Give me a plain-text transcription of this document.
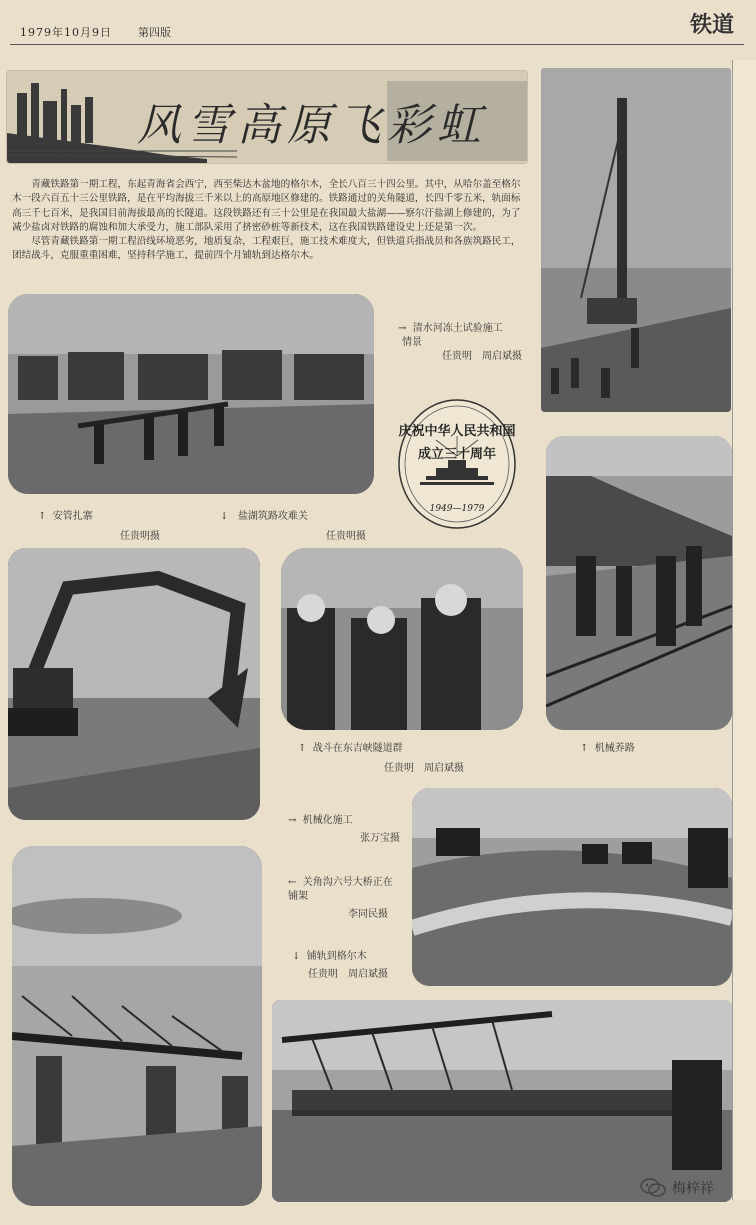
1979年10月9日 第四版	铁道
风雪高原飞彩虹

青藏铁路第一期工程，东起青海省会西宁，西至柴达木盆地的格尔木，全长八百三十四公里。其中，从哈尔盖至格尔木一段六百五十三公里铁路，是在平均海拔三千米以上的高原地区修建的。铁路通过的关角隧道，长四千零五米，轨面标高三千七百米，是我国目前海拔最高的长隧道。这段铁路还有三十公里是在我国最大盐湖——察尔汗盐湖上修建的，为了减少盐卤对铁路的腐蚀和加大承受力，施工部队采用了挤密砂桩等新技术，这在我国铁路建设史上还是第一次。

尽管青藏铁路第一期工程沿线环境恶劣，地质复杂，工程艰巨，施工技术难度大，但铁道兵指战员和各族筑路民工，团结战斗，克服重重困难，坚持科学施工，提前四个月铺轨到达格尔木。

→ 清水河冻土试验施工
情景
任贵明　周启斌摄
庆祝中华人民共和国
成立三十周年
1949—1979
↑ 安管扎寨
任贵明摄
↓ 盐湖筑路攻难关
任贵明摄
↑ 战斗在东吉峡隧道群
任贵明　周启斌摄
↑ 机械养路
→ 机械化施工
张万宝摄
← 关角沟六号大桥正在
铺架
李同民摄
↓ 铺轨到格尔木
任贵明　周启斌摄
梅梓祥
